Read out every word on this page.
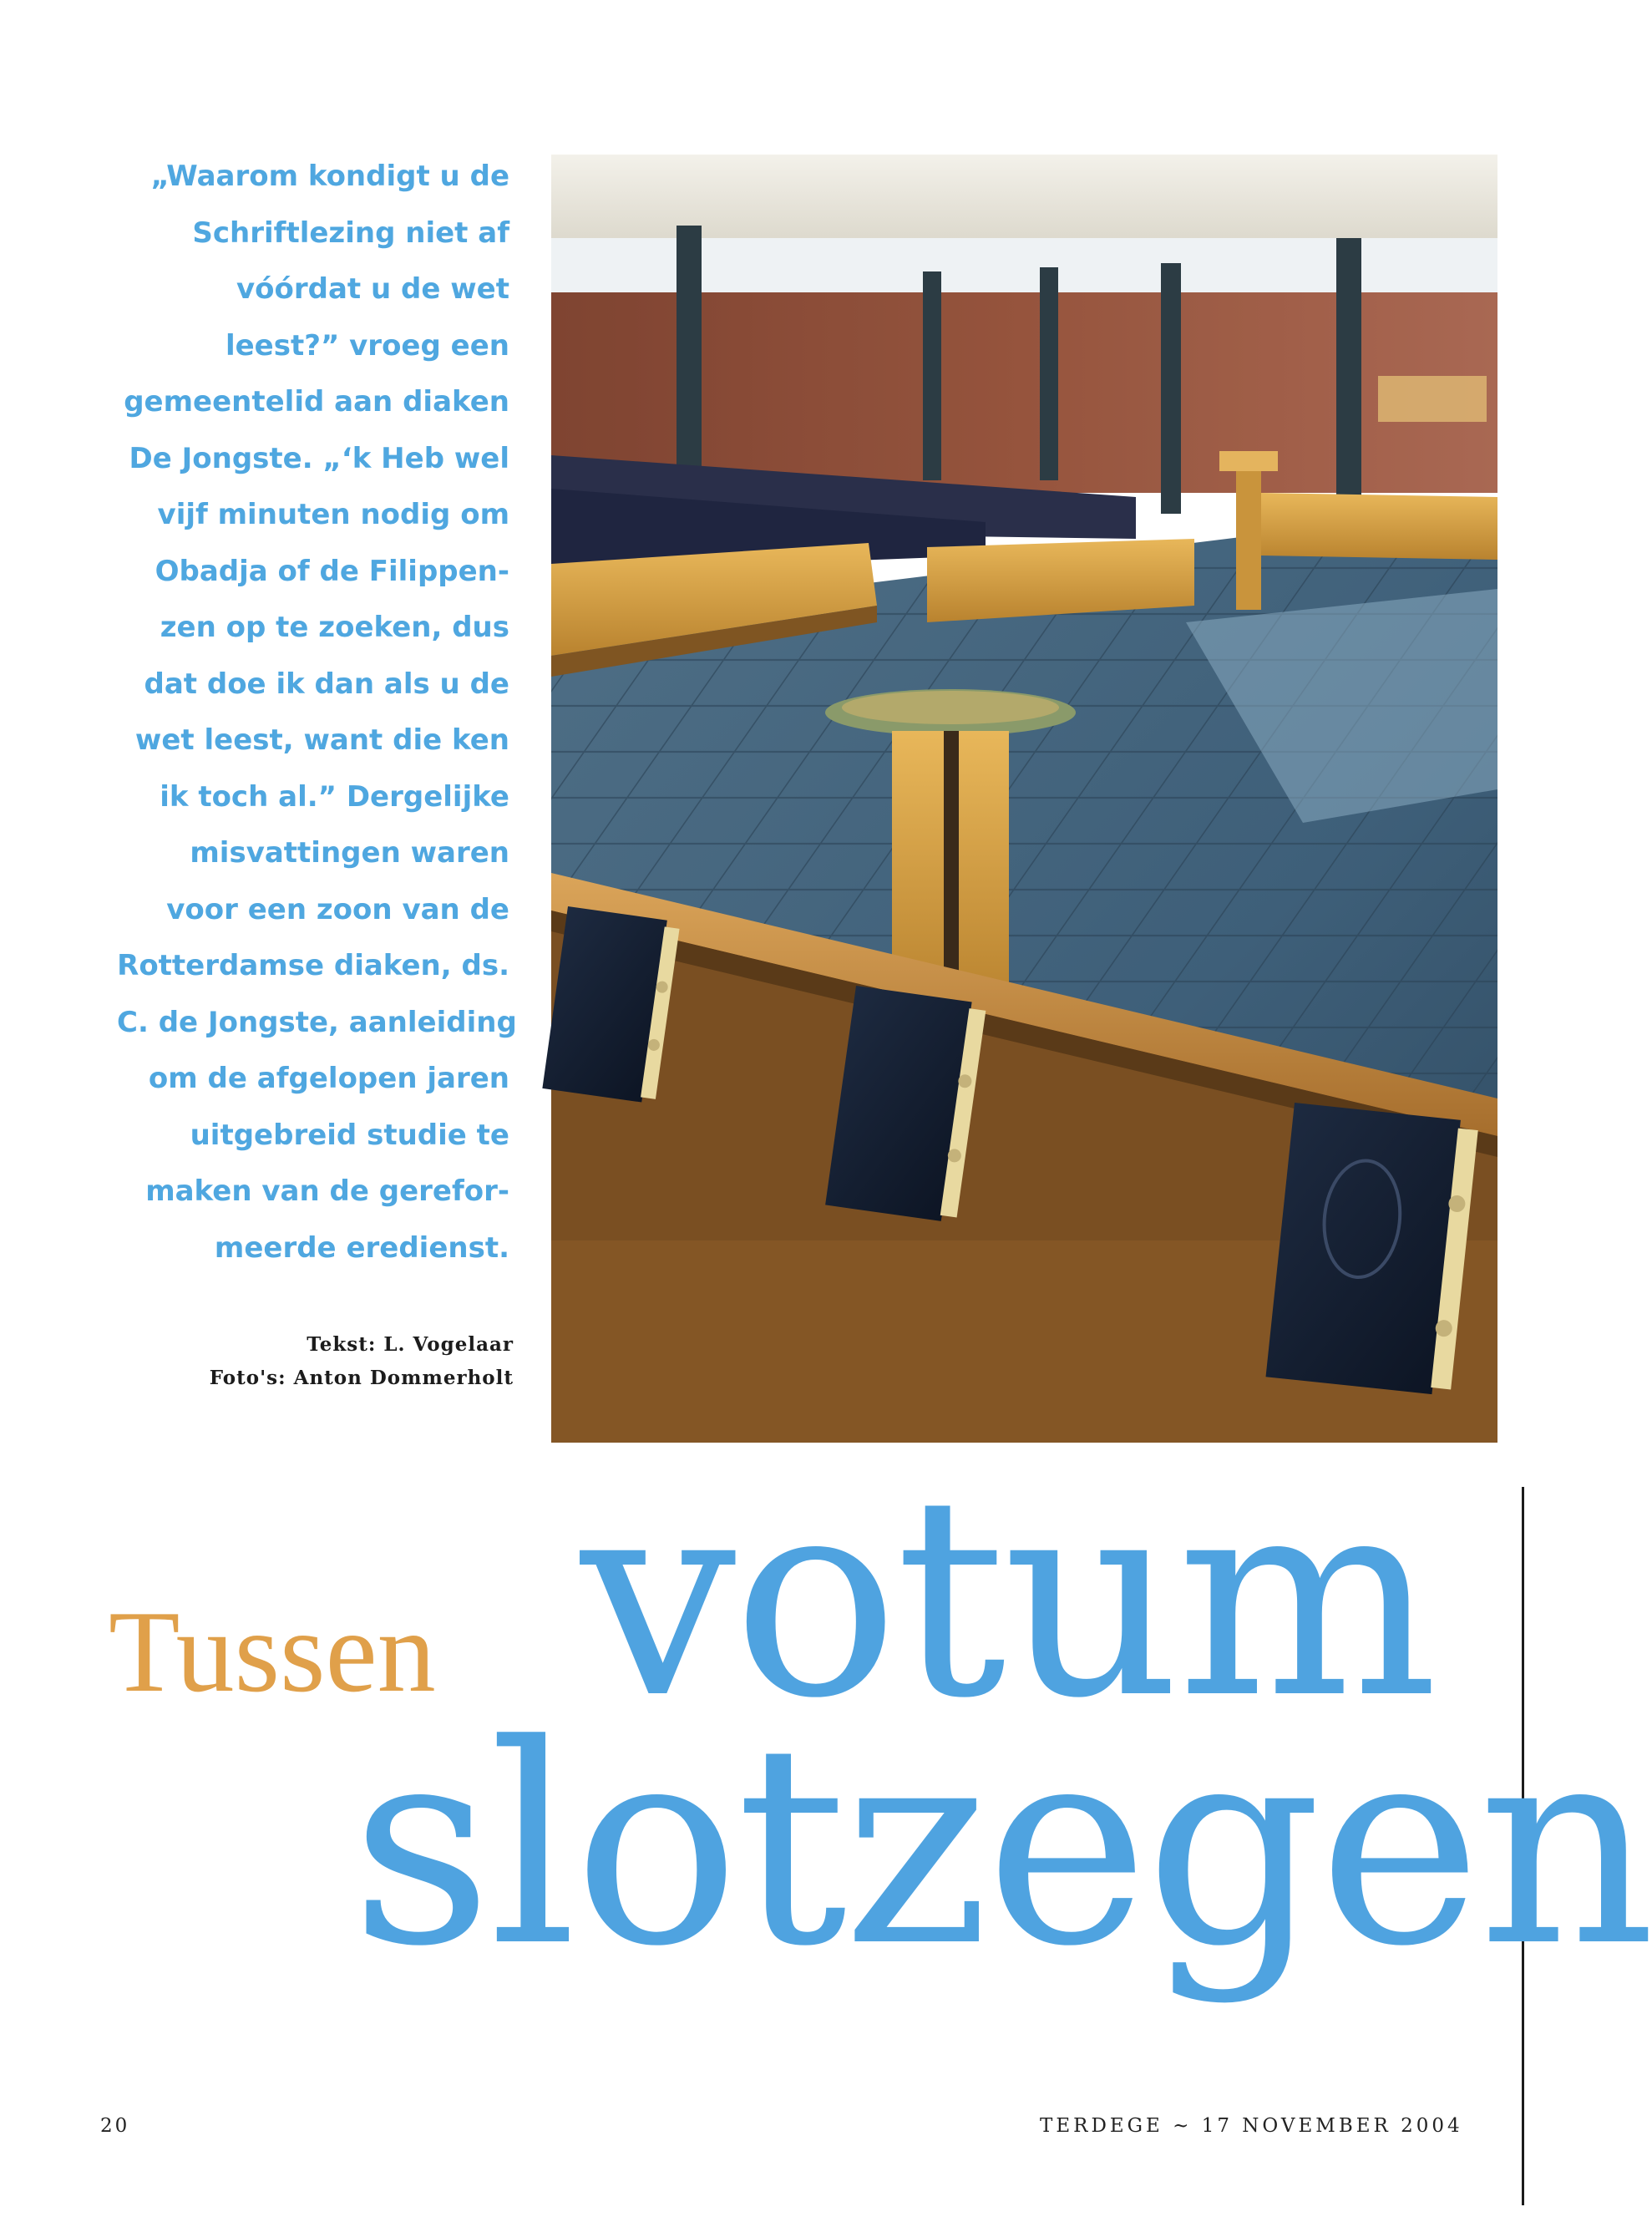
„Waarom kondigt u de
Schriftlezing niet af
vóórdat u de wet
leest?” vroeg een
gemeentelid aan diaken
De Jongste. „‘k Heb wel
vijf minuten nodig om
Obadja of de Filippen-
zen op te zoeken, dus
dat doe ik dan als u de
wet leest, want die ken
ik toch al.” Dergelijke
misvattingen waren
voor een zoon van de
Rotterdamse diaken, ds.
C. de Jongste, aanleiding
om de afgelopen jaren
uitgebreid studie te
maken van de gerefor-
meerde eredienst.

Tekst: L. Vogelaar
Foto's: Anton Dommerholt
Tussen votum
slotzegen
20	TERDEGE ~ 17 NOVEMBER 2004
